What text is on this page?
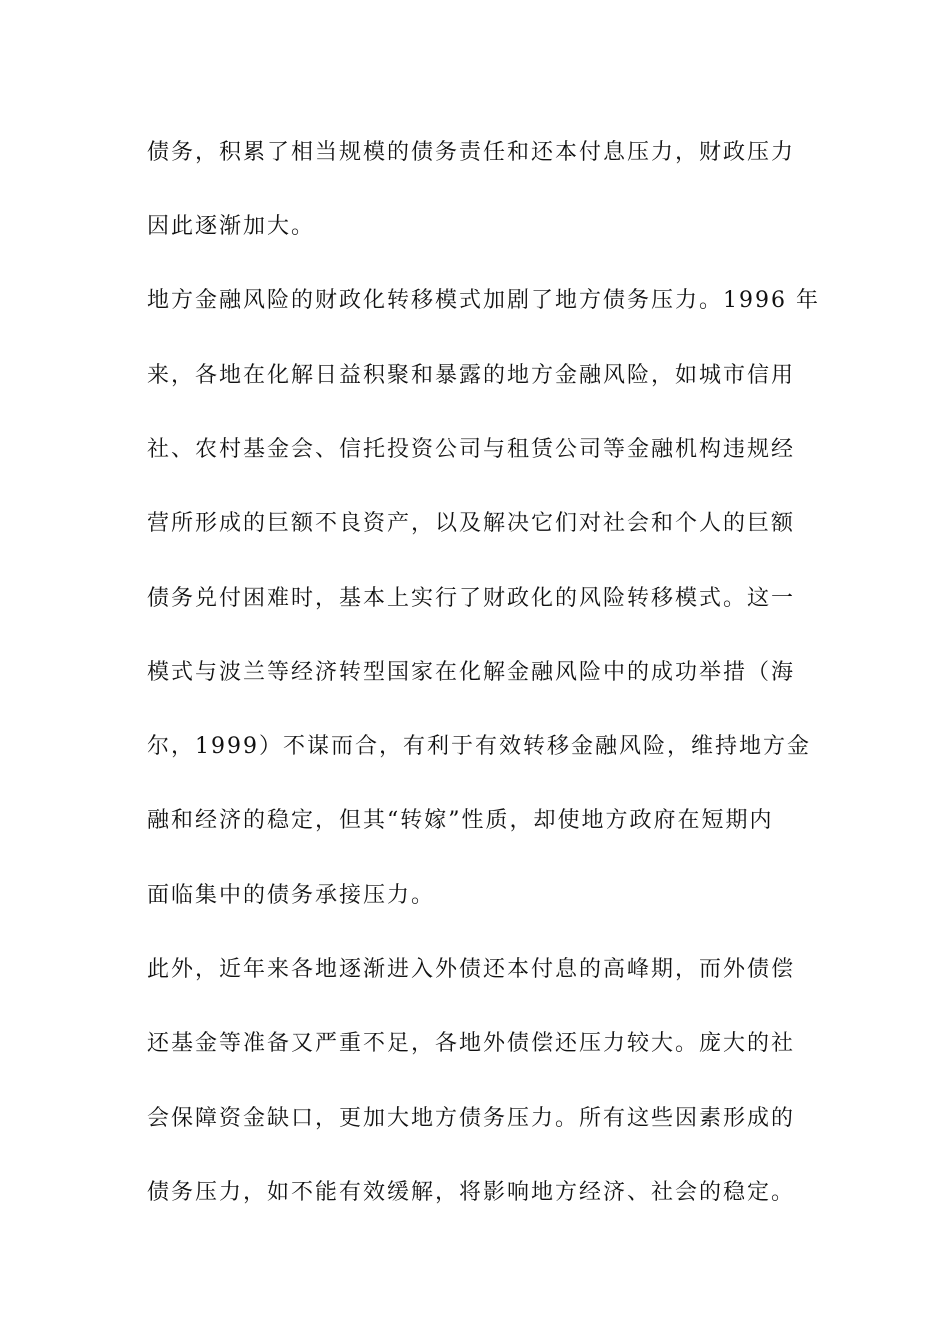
债务，积累了相当规模的债务责任和还本付息压力，财政压力
因此逐渐加大。
地方金融风险的财政化转移模式加剧了地方债务压力。1996 年
来，各地在化解日益积聚和暴露的地方金融风险，如城市信用
社、农村基金会、信托投资公司与租赁公司等金融机构违规经
营所形成的巨额不良资产，以及解决它们对社会和个人的巨额
债务兑付困难时，基本上实行了财政化的风险转移模式。这一
模式与波兰等经济转型国家在化解金融风险中的成功举措（海
尔，1999）不谋而合，有利于有效转移金融风险，维持地方金
融和经济的稳定，但其“转嫁”性质，却使地方政府在短期内
面临集中的债务承接压力。
此外，近年来各地逐渐进入外债还本付息的高峰期，而外债偿
还基金等准备又严重不足，各地外债偿还压力较大。庞大的社
会保障资金缺口，更加大地方债务压力。所有这些因素形成的
债务压力，如不能有效缓解，将影响地方经济、社会的稳定。
